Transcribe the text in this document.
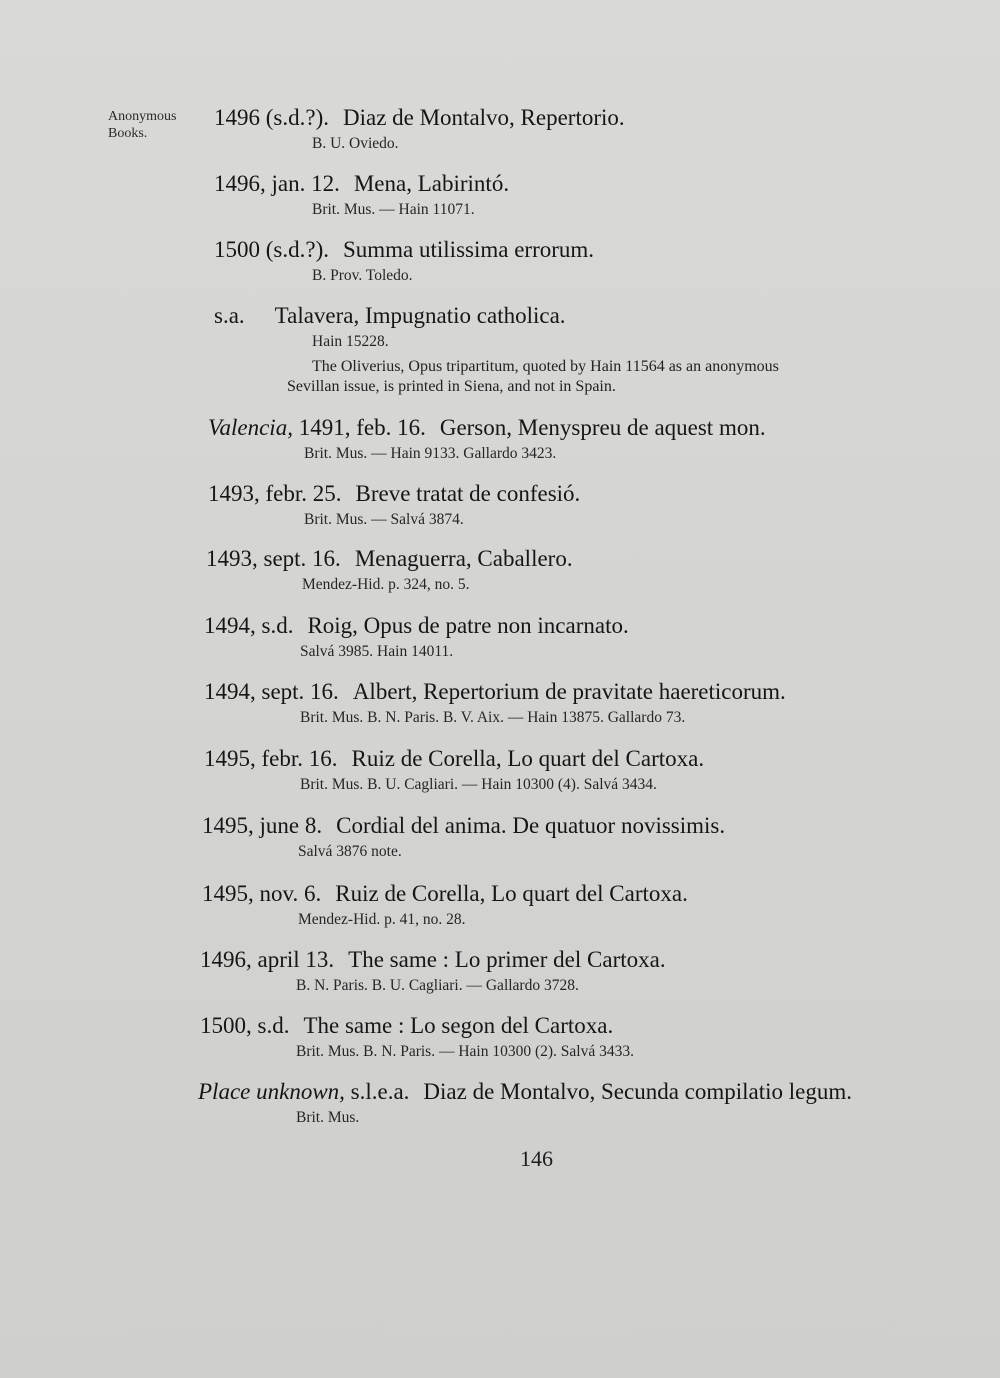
Anonymous
Books.
1496 (s.d.?). Diaz de Montalvo, Repertorio.
B. U. Oviedo.
1496, jan. 12. Mena, Labirintó.
Brit. Mus. — Hain 11071.
1500 (s.d.?). Summa utilissima errorum.
B. Prov. Toledo.
s.a. Talavera, Impugnatio catholica.
Hain 15228.
The Oliverius, Opus tripartitum, quoted by Hain 11564 as an anonymous
Sevillan issue, is printed in Siena, and not in Spain.
Valencia, 1491, feb. 16. Gerson, Menyspreu de aquest mon.
Brit. Mus. — Hain 9133. Gallardo 3423.
1493, febr. 25. Breve tratat de confesió.
Brit. Mus. — Salvá 3874.
1493, sept. 16. Menaguerra, Caballero.
Mendez-Hid. p. 324, no. 5.
1494, s.d. Roig, Opus de patre non incarnato.
Salvá 3985. Hain 14011.
1494, sept. 16. Albert, Repertorium de pravitate haereticorum.
Brit. Mus. B. N. Paris. B. V. Aix. — Hain 13875. Gallardo 73.
1495, febr. 16. Ruiz de Corella, Lo quart del Cartoxa.
Brit. Mus. B. U. Cagliari. — Hain 10300 (4). Salvá 3434.
1495, june 8. Cordial del anima. De quatuor novissimis.
Salvá 3876 note.
1495, nov. 6. Ruiz de Corella, Lo quart del Cartoxa.
Mendez-Hid. p. 41, no. 28.
1496, april 13. The same : Lo primer del Cartoxa.
B. N. Paris. B. U. Cagliari. — Gallardo 3728.
1500, s.d. The same : Lo segon del Cartoxa.
Brit. Mus. B. N. Paris. — Hain 10300 (2). Salvá 3433.
Place unknown, s.l.e.a. Diaz de Montalvo, Secunda compilatio legum.
Brit. Mus.
146
